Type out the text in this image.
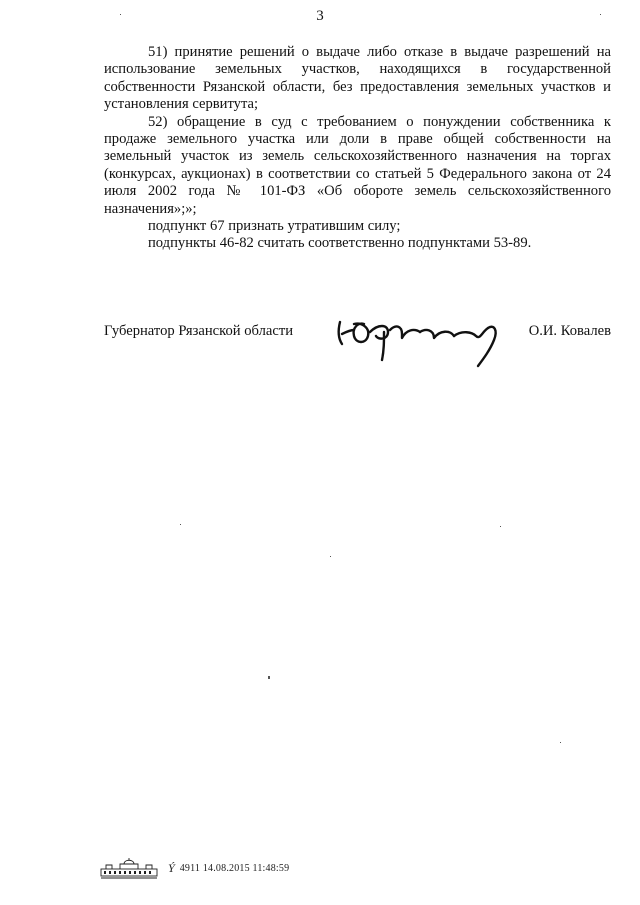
3

51) принятие решений о выдаче либо отказе в выдаче разрешений на использование земельных участков, находящихся в государственной собственности Рязанской области, без предоставления земельных участков и установления сервитута;

52) обращение в суд с требованием о понуждении собственника к продаже земельного участка или доли в праве общей собственности на земельный участок из земель сельскохозяйственного назначения на торгах (конкурсах, аукционах) в соответствии со статьей 5 Федерального закона от 24 июля 2002 года № 101-ФЗ «Об обороте земель сельскохозяйственного назначения»;»;

подпункт 67 признать утратившим силу;

подпункты 46-82 считать соответственно подпунктами 53-89.

Губернатор Рязанской области	О.И. Ковалев
Ý 4911 14.08.2015 11:48:59
